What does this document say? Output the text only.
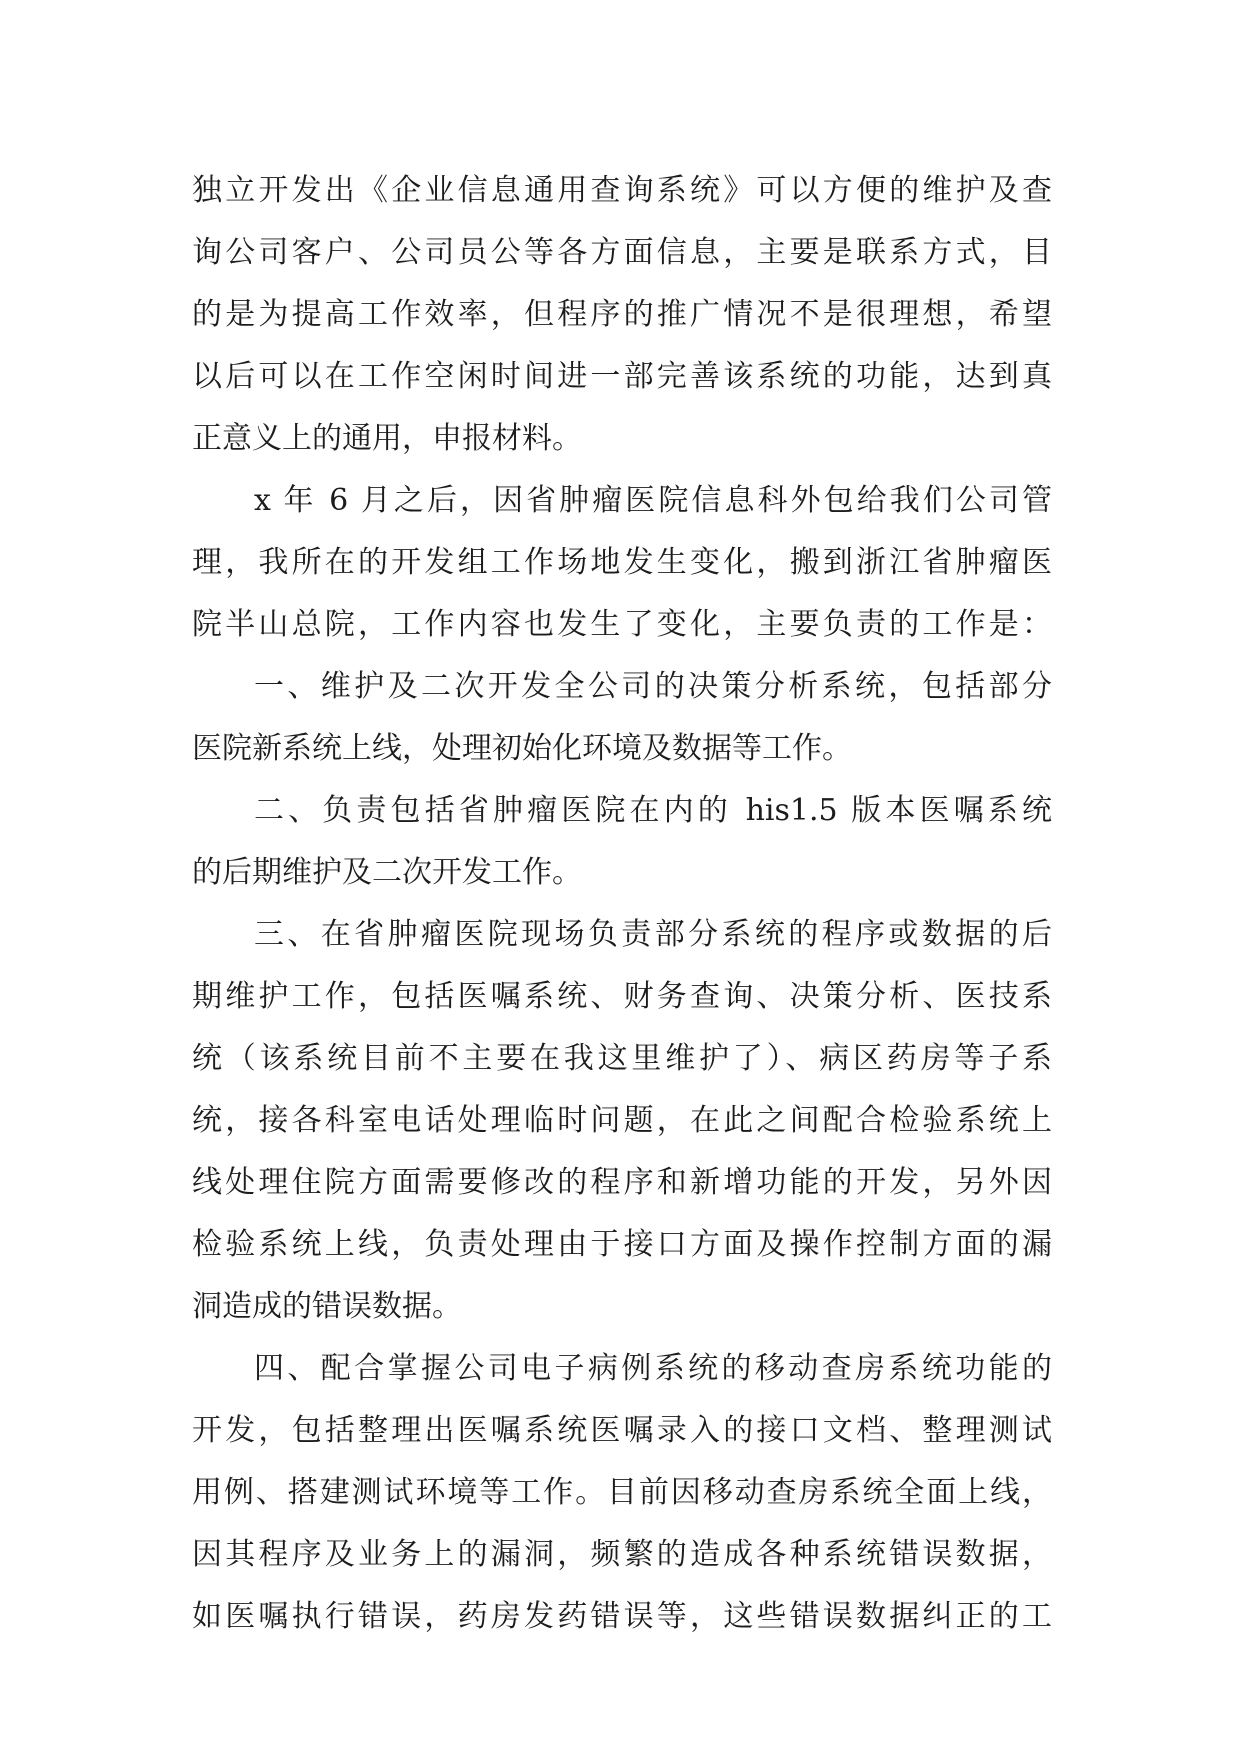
独立开发出《企业信息通用查询系统》可以方便的维护及查
询公司客户、公司员公等各方面信息，主要是联系方式，目
的是为提高工作效率，但程序的推广情况不是很理想，希望
以后可以在工作空闲时间进一部完善该系统的功能，达到真
正意义上的通用，申报材料。
x 年 6 月之后，因省肿瘤医院信息科外包给我们公司管
理，我所在的开发组工作场地发生变化，搬到浙江省肿瘤医
院半山总院，工作内容也发生了变化，主要负责的工作是：
一、维护及二次开发全公司的决策分析系统，包括部分
医院新系统上线，处理初始化环境及数据等工作。
二、负责包括省肿瘤医院在内的 his1.5 版本医嘱系统
的后期维护及二次开发工作。
三、在省肿瘤医院现场负责部分系统的程序或数据的后
期维护工作，包括医嘱系统、财务查询、决策分析、医技系
统（该系统目前不主要在我这里维护了）、病区药房等子系
统，接各科室电话处理临时问题，在此之间配合检验系统上
线处理住院方面需要修改的程序和新增功能的开发，另外因
检验系统上线，负责处理由于接口方面及操作控制方面的漏
洞造成的错误数据。
四、配合掌握公司电子病例系统的移动查房系统功能的
开发，包括整理出医嘱系统医嘱录入的接口文档、整理测试
用例、搭建测试环境等工作。目前因移动查房系统全面上线，
因其程序及业务上的漏洞，频繁的造成各种系统错误数据，
如医嘱执行错误，药房发药错误等，这些错误数据纠正的工
